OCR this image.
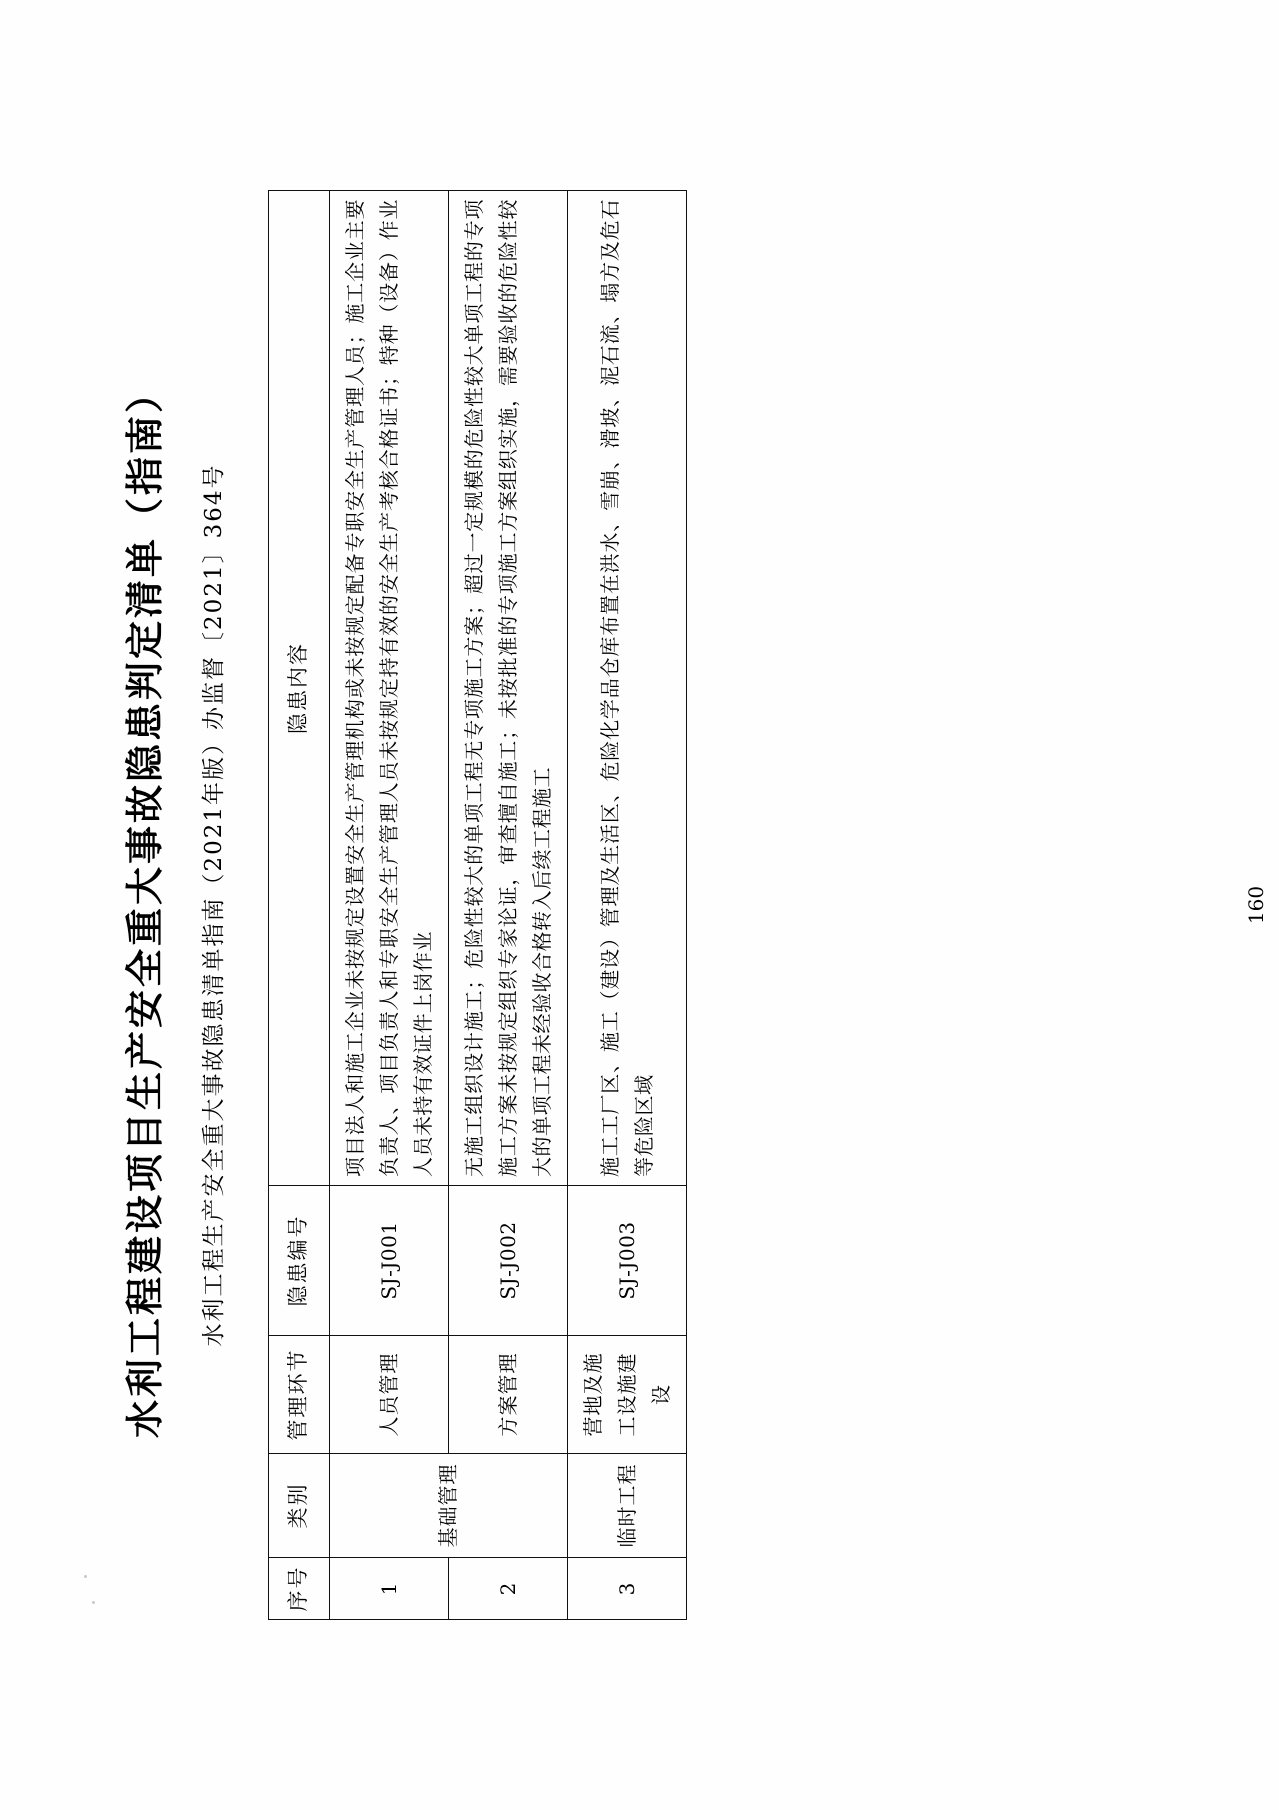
水利工程建设项目生产安全重大事故隐患判定清单（指南） 水利工程生产安全重大事故隐患清单指南（2021年版）办监督〔2021〕364号
序号	类别	管理环节	隐患编号	隐患内容
1	基础管理	人员管理	SJ-J001	项目法人和施工企业未按规定设置安全生产管理机构或未按规定配备专职安全生产管理人员；施工企业主要负责人、项目负责人和专职安全生产管理人员未按规定持有效的安全生产考核合格证书；特种（设备）作业人员未持有效证件上岗作业
2		方案管理	SJ-J002	无施工组织设计施工；危险性较大的单项工程无专项施工方案；超过一定规模的危险性较大单项工程的专项施工方案未按规定组织专家论证，审查擅自施工；未按批准的专项施工方案组织实施，需要验收的危险性较大的单项工程未经验收合格转入后续工程施工
3	临时工程	营地及施工设施建设	SJ-J003	施工工厂区、施工（建设）管理及生活区、危险化学品仓库布置在洪水、雪崩、滑坡、泥石流、塌方及危石等危险区域
160
